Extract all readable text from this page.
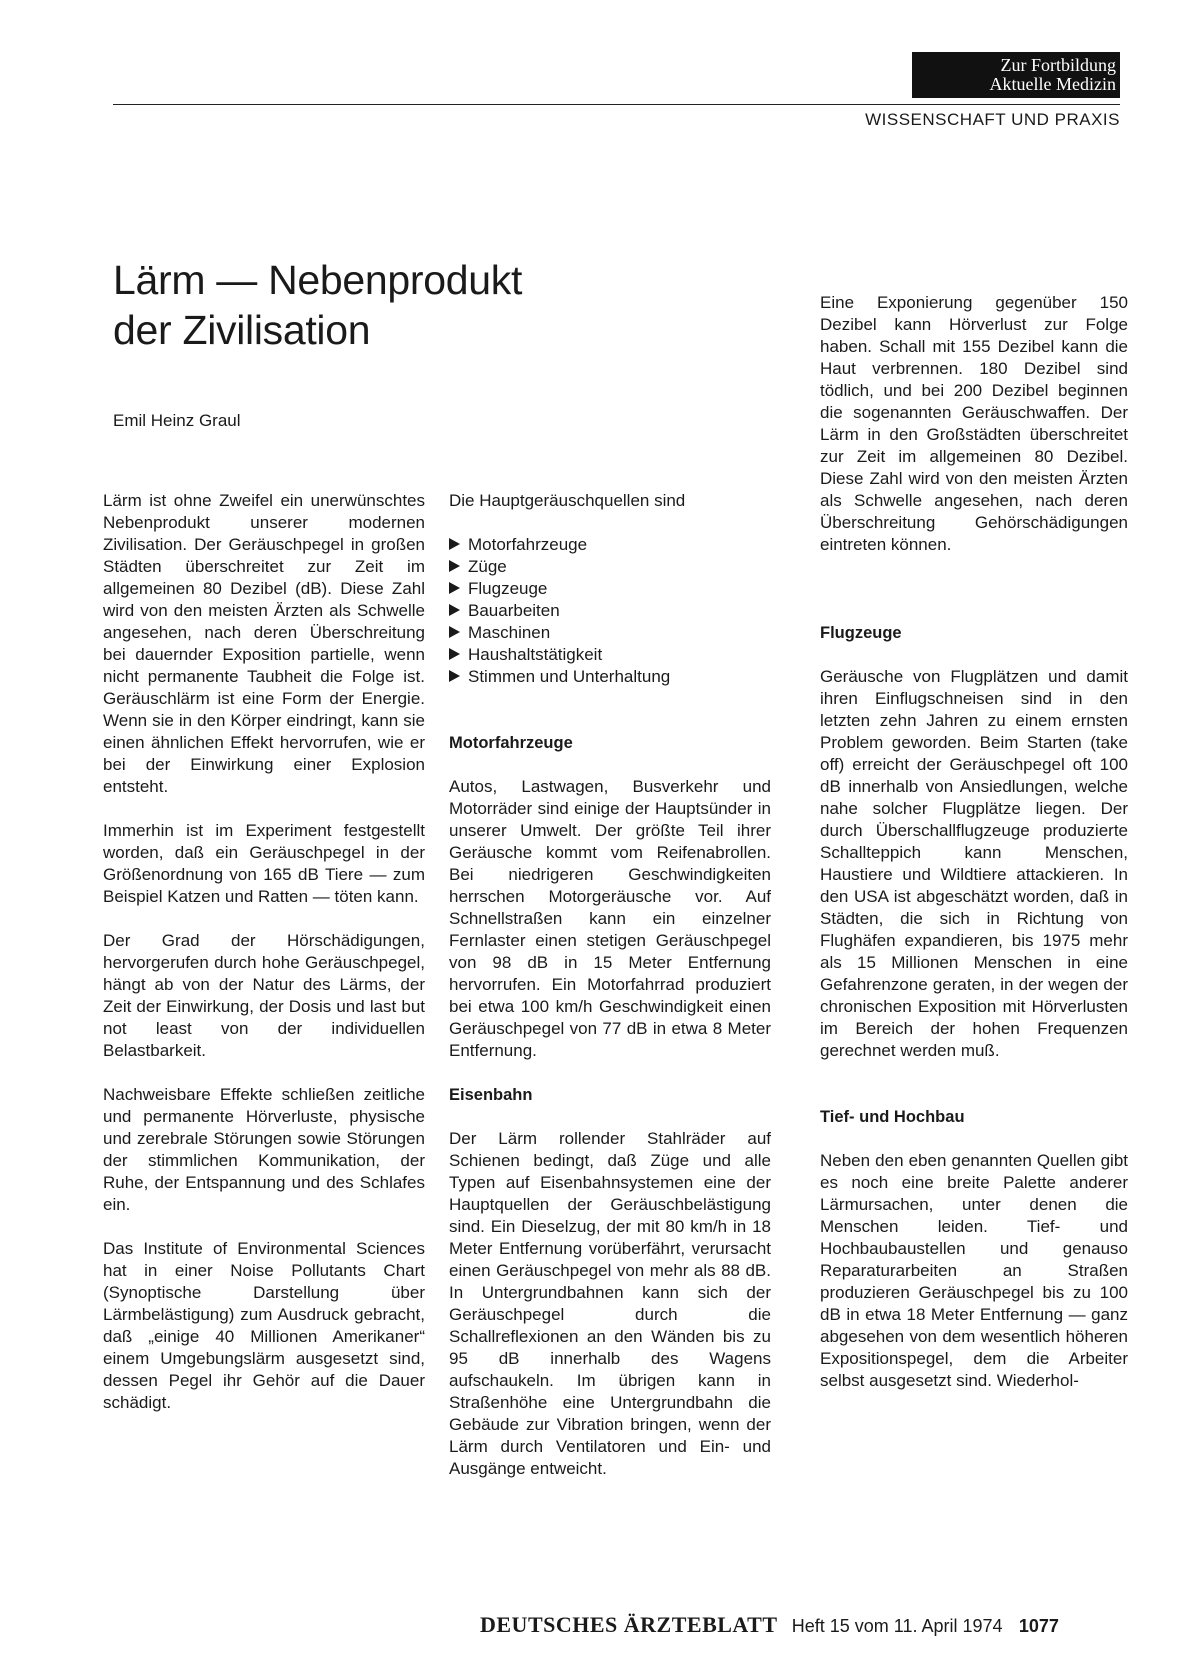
Zur Fortbildung
Aktuelle Medizin
WISSENSCHAFT UND PRAXIS
Lärm — Nebenprodukt
der Zivilisation
Emil Heinz Graul

Lärm ist ohne Zweifel ein unerwünschtes Nebenprodukt unserer modernen Zivilisation. Der Geräuschpegel in großen Städten überschreitet zur Zeit im allgemeinen 80 Dezibel (dB). Diese Zahl wird von den meisten Ärzten als Schwelle angesehen, nach deren Überschreitung bei dauernder Exposition partielle, wenn nicht permanente Taubheit die Folge ist. Geräuschlärm ist eine Form der Energie. Wenn sie in den Körper eindringt, kann sie einen ähnlichen Effekt hervorrufen, wie er bei der Einwirkung einer Explosion entsteht.

Immerhin ist im Experiment festgestellt worden, daß ein Geräuschpegel in der Größenordnung von 165 dB Tiere — zum Beispiel Katzen und Ratten — töten kann.

Der Grad der Hörschädigungen, hervorgerufen durch hohe Geräuschpegel, hängt ab von der Natur des Lärms, der Zeit der Einwirkung, der Dosis und last but not least von der individuellen Belastbarkeit.

Nachweisbare Effekte schließen zeitliche und permanente Hörverluste, physische und zerebrale Störungen sowie Störungen der stimmlichen Kommunikation, der Ruhe, der Entspannung und des Schlafes ein.

Das Institute of Environmental Sciences hat in einer Noise Pollutants Chart (Synoptische Darstellung über Lärmbelästigung) zum Ausdruck gebracht, daß „einige 40 Millionen Amerikaner“ einem Umgebungslärm ausgesetzt sind, dessen Pegel ihr Gehör auf die Dauer schädigt.

Die Hauptgeräuschquellen sind

Motorfahrzeuge
Züge
Flugzeuge
Bauarbeiten
Maschinen
Haushaltstätigkeit
Stimmen und Unterhaltung
Motorfahrzeuge

Autos, Lastwagen, Busverkehr und Motorräder sind einige der Hauptsünder in unserer Umwelt. Der größte Teil ihrer Geräusche kommt vom Reifenabrollen. Bei niedrigeren Geschwindigkeiten herrschen Motorgeräusche vor. Auf Schnellstraßen kann ein einzelner Fernlaster einen stetigen Geräuschpegel von 98 dB in 15 Meter Entfernung hervorrufen. Ein Motorfahrrad produziert bei etwa 100 km/h Geschwindigkeit einen Geräuschpegel von 77 dB in etwa 8 Meter Entfernung.

Eisenbahn

Der Lärm rollender Stahlräder auf Schienen bedingt, daß Züge und alle Typen auf Eisenbahnsystemen eine der Hauptquellen der Geräuschbelästigung sind. Ein Dieselzug, der mit 80 km/h in 18 Meter Entfernung vorüberfährt, verursacht einen Geräuschpegel von mehr als 88 dB. In Untergrundbahnen kann sich der Geräuschpegel durch die Schallreflexionen an den Wänden bis zu 95 dB innerhalb des Wagens aufschaukeln. Im übrigen kann in Straßenhöhe eine Untergrundbahn die Gebäude zur Vibration bringen, wenn der Lärm durch Ventilatoren und Ein- und Ausgänge entweicht.

Eine Exponierung gegenüber 150 Dezibel kann Hörverlust zur Folge haben. Schall mit 155 Dezibel kann die Haut verbrennen. 180 Dezibel sind tödlich, und bei 200 Dezibel beginnen die sogenannten Geräuschwaffen. Der Lärm in den Großstädten überschreitet zur Zeit im allgemeinen 80 Dezibel. Diese Zahl wird von den meisten Ärzten als Schwelle angesehen, nach deren Überschreitung Gehörschädigungen eintreten können.

Flugzeuge

Geräusche von Flugplätzen und damit ihren Einflugschneisen sind in den letzten zehn Jahren zu einem ernsten Problem geworden. Beim Starten (take off) erreicht der Geräuschpegel oft 100 dB innerhalb von Ansiedlungen, welche nahe solcher Flugplätze liegen. Der durch Überschallflugzeuge produzierte Schallteppich kann Menschen, Haustiere und Wildtiere attackieren. In den USA ist abgeschätzt worden, daß in Städten, die sich in Richtung von Flughäfen expandieren, bis 1975 mehr als 15 Millionen Menschen in eine Gefahrenzone geraten, in der wegen der chronischen Exposition mit Hörverlusten im Bereich der hohen Frequenzen gerechnet werden muß.

Tief- und Hochbau

Neben den eben genannten Quellen gibt es noch eine breite Palette anderer Lärmursachen, unter denen die Menschen leiden. Tief- und Hochbaubaustellen und genauso Reparaturarbeiten an Straßen produzieren Geräuschpegel bis zu 100 dB in etwa 18 Meter Entfernung — ganz abgesehen von dem wesentlich höheren Expositionspegel, dem die Arbeiter selbst ausgesetzt sind. Wiederhol-

DEUTSCHES ÄRZTEBLATT Heft 15 vom 11. April 1974 1077
